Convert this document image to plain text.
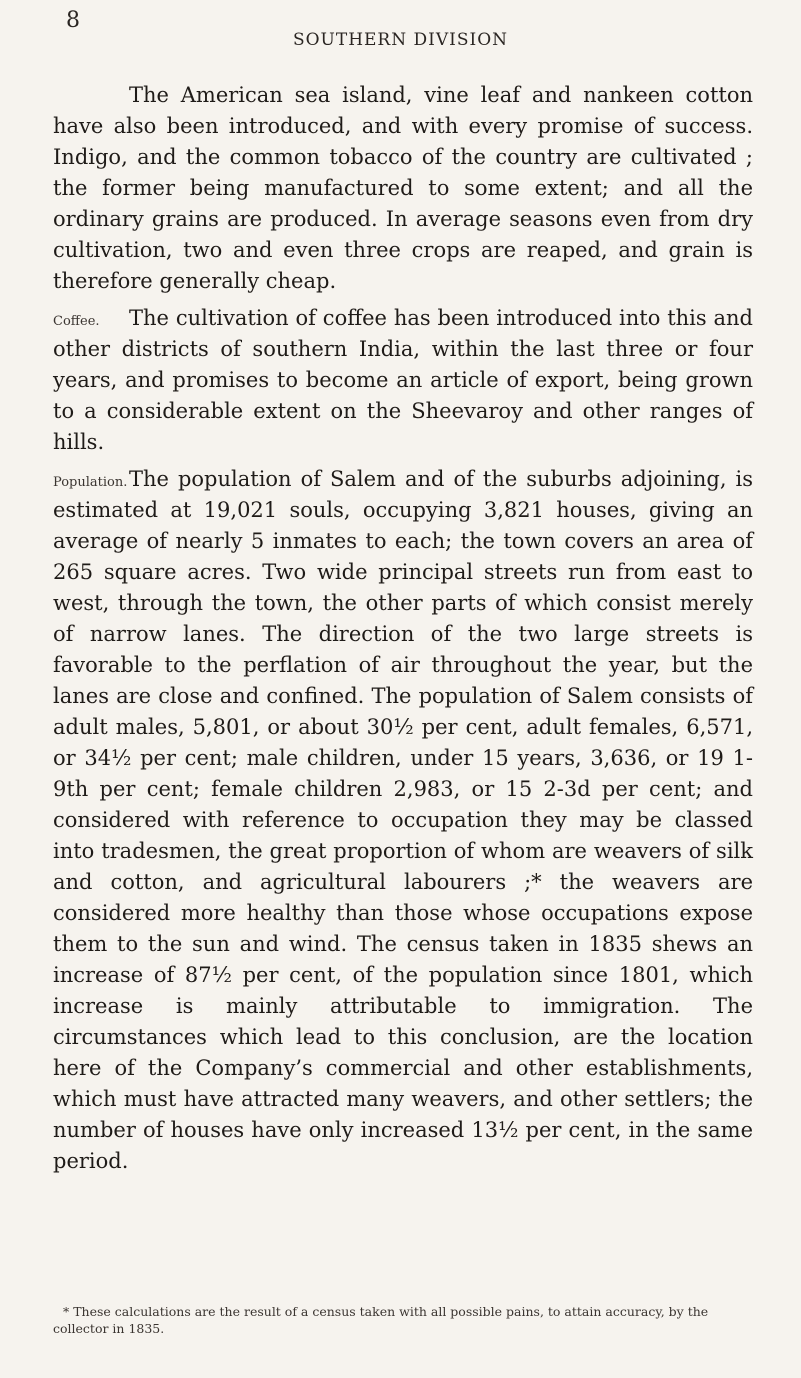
8
SOUTHERN DIVISION

The American sea island, vine leaf and nankeen cotton have also been introduced, and with every promise of success. Indigo, and the common tobacco of the country are cultivated ; the former being manufactured to some extent; and all the ordinary grains are produced. In average seasons even from dry cultivation, two and even three crops are reaped, and grain is therefore generally cheap.

Coffee. The cultivation of coffee has been introduced into this and other districts of southern India, within the last three or four years, and promises to become an article of export, being grown to a considerable extent on the Sheevaroy and other ranges of hills.

Population. The population of Salem and of the suburbs adjoining, is estimated at 19,021 souls, occupying 3,821 houses, giving an average of nearly 5 inmates to each; the town covers an area of 265 square acres. Two wide principal streets run from east to west, through the town, the other parts of which consist merely of narrow lanes. The direction of the two large streets is favorable to the perflation of air throughout the year, but the lanes are close and confined. The population of Salem consists of adult males, 5,801, or about 30½ per cent, adult females, 6,571, or 34½ per cent; male children, under 15 years, 3,636, or 19 1-9th per cent; female children 2,983, or 15 2-3d per cent; and considered with reference to occupation they may be classed into tradesmen, the great proportion of whom are weavers of silk and cotton, and agricultural labourers ;* the weavers are considered more healthy than those whose occupations expose them to the sun and wind. The census taken in 1835 shews an increase of 87½ per cent, of the population since 1801, which increase is mainly attributable to immigration. The circumstances which lead to this conclusion, are the location here of the Company’s commercial and other establishments, which must have attracted many weavers, and other settlers; the number of houses have only increased 13½ per cent, in the same period.

* These calculations are the result of a census taken with all possible pains, to attain accuracy, by the collector in 1835.
